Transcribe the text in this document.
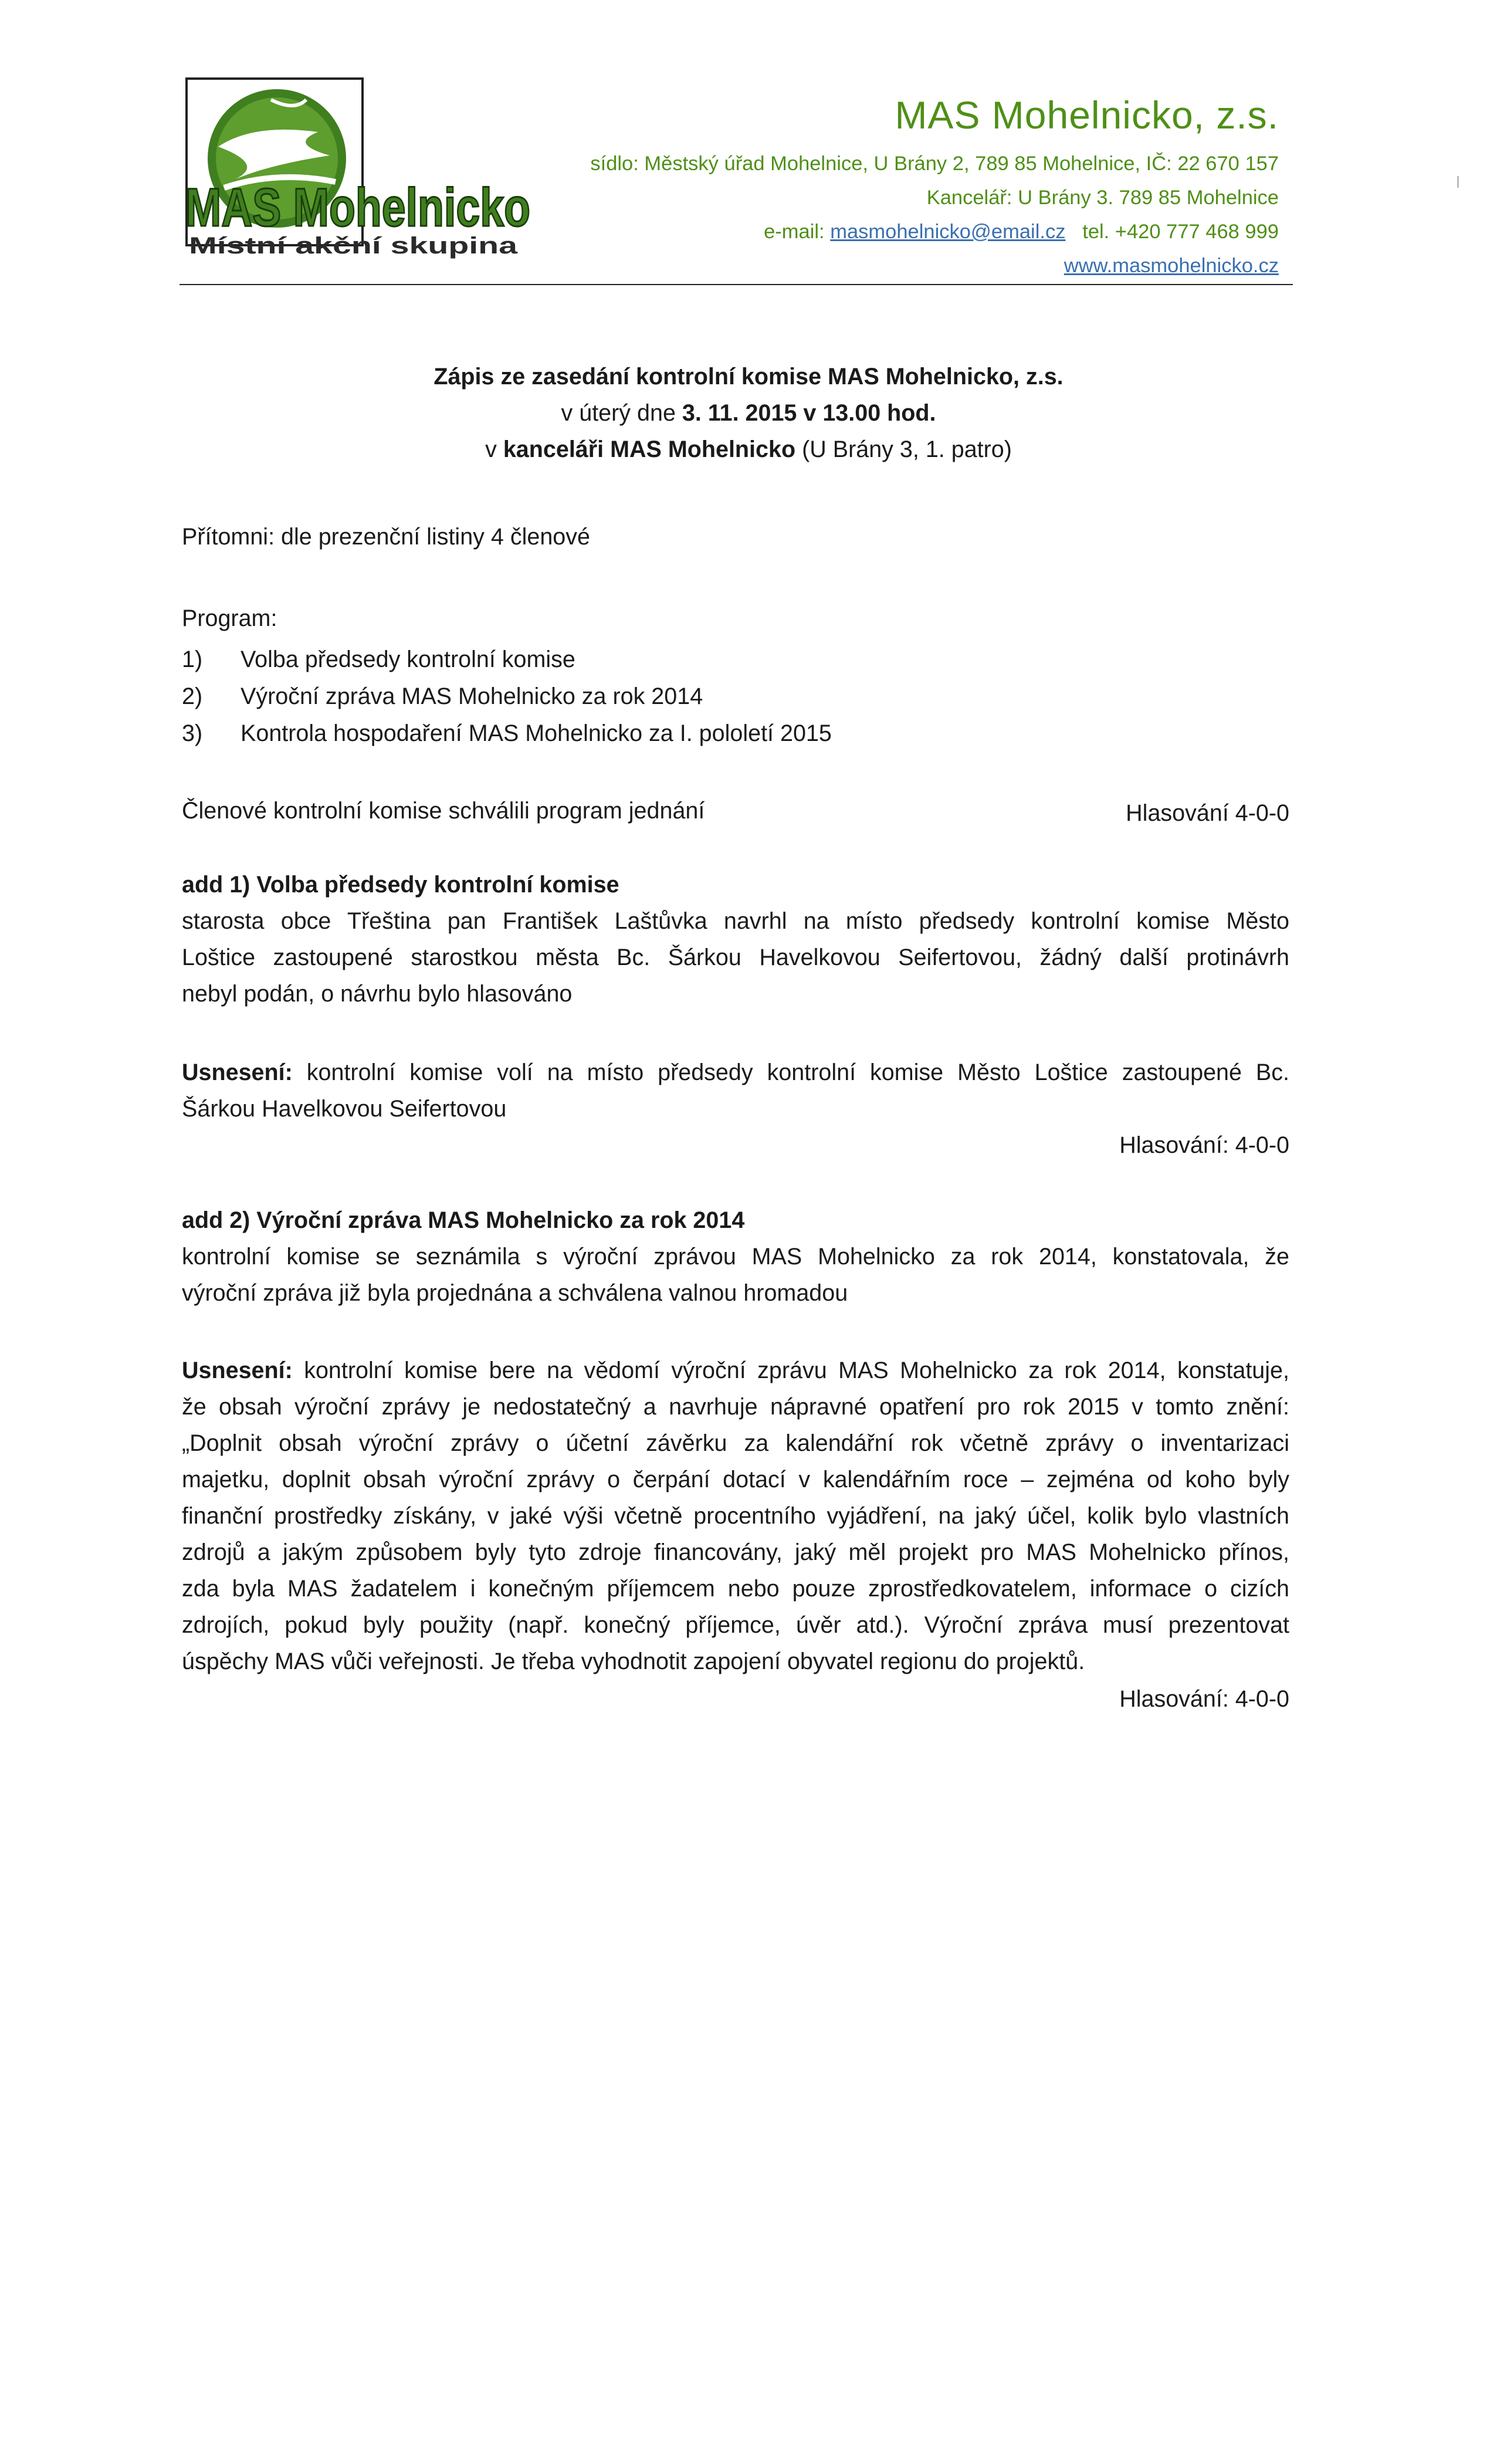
MAS Mohelnicko
Místní akční skupina
MAS Mohelnicko, z.s.
sídlo: Městský úřad Mohelnice, U Brány 2, 789 85 Mohelnice, IČ: 22 670 157
Kancelář: U Brány 3. 789 85 Mohelnice
e-mail: masmohelnicko@email.cz tel. +420 777 468 999
www.masmohelnicko.cz
Zápis ze zasedání kontrolní komise MAS Mohelnicko, z.s.
v úterý dne 3. 11. 2015 v 13.00 hod.
v kanceláři MAS Mohelnicko (U Brány 3, 1. patro)
Přítomni: dle prezenční listiny 4 členové
Program:
1) Volba předsedy kontrolní komise
2) Výroční zpráva MAS Mohelnicko za rok 2014
3) Kontrola hospodaření MAS Mohelnicko za I. pololetí 2015
Členové kontrolní komise schválili program jednání	Hlasování 4-0-0
add 1) Volba předsedy kontrolní komise
starosta obce Třeština pan František Laštůvka navrhl na místo předsedy kontrolní komise Město
Loštice zastoupené starostkou města Bc. Šárkou Havelkovou Seifertovou, žádný další protinávrh
nebyl podán, o návrhu bylo hlasováno
Usnesení: kontrolní komise volí na místo předsedy kontrolní komise Město Loštice zastoupené Bc.
Šárkou Havelkovou Seifertovou
Hlasování: 4-0-0
add 2) Výroční zpráva MAS Mohelnicko za rok 2014
kontrolní komise se seznámila s výroční zprávou MAS Mohelnicko za rok 2014, konstatovala, že
výroční zpráva již byla projednána a schválena valnou hromadou
Usnesení: kontrolní komise bere na vědomí výroční zprávu MAS Mohelnicko za rok 2014, konstatuje,
že obsah výroční zprávy je nedostatečný a navrhuje nápravné opatření pro rok 2015 v tomto znění:
„Doplnit obsah výroční zprávy o účetní závěrku za kalendářní rok včetně zprávy o inventarizaci
majetku, doplnit obsah výroční zprávy o čerpání dotací v kalendářním roce – zejména od koho byly
finanční prostředky získány, v jaké výši včetně procentního vyjádření, na jaký účel, kolik bylo vlastních
zdrojů a jakým způsobem byly tyto zdroje financovány, jaký měl projekt pro MAS Mohelnicko přínos,
zda byla MAS žadatelem i konečným příjemcem nebo pouze zprostředkovatelem, informace o cizích
zdrojích, pokud byly použity (např. konečný příjemce, úvěr atd.). Výroční zpráva musí prezentovat
úspěchy MAS vůči veřejnosti. Je třeba vyhodnotit zapojení obyvatel regionu do projektů.
Hlasování: 4-0-0
